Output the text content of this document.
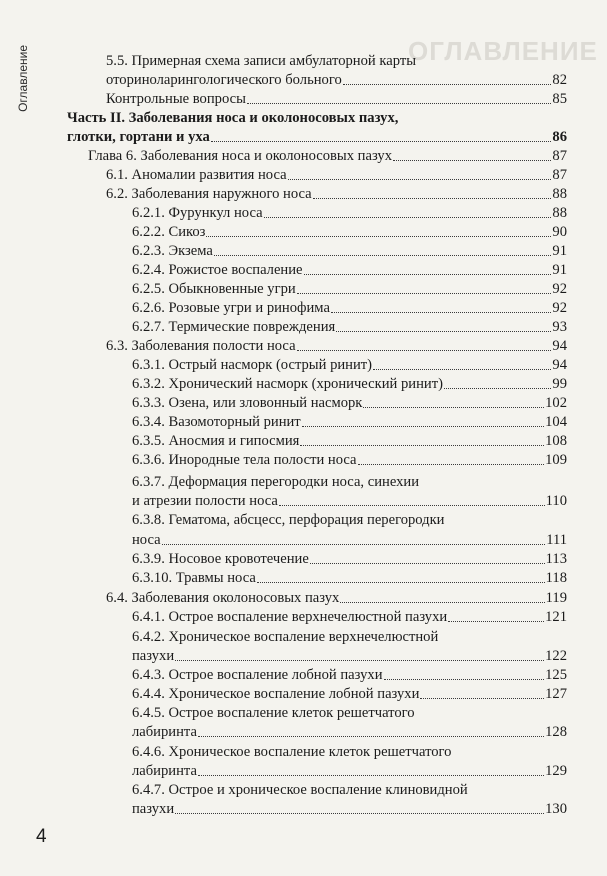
ОГЛАВЛЕНИЕ
Оглавление	5.5. Примерная схема записи амбулаторной карты
оториноларингологического больного	82
Контрольные вопросы	85
Часть II. Заболевания носа и околоносовых пазух,
глотки, гортани и уха	86
Глава 6. Заболевания носа и околоносовых пазух	87
6.1. Аномалии развития носа	87
6.2. Заболевания наружного носа	88
6.2.1. Фурункул носа	88
6.2.2. Сикоз	90
6.2.3. Экзема	91
6.2.4. Рожистое воспаление	91
6.2.5. Обыкновенные угри	92
6.2.6. Розовые угри и ринофима	92
6.2.7. Термические повреждения	93
6.3. Заболевания полости носа	94
6.3.1. Острый насморк (острый ринит)	94
6.3.2. Хронический насморк (хронический ринит)	99
6.3.3. Озена, или зловонный насморк	102
6.3.4. Вазомоторный ринит	104
6.3.5. Аносмия и гипосмия	108
6.3.6. Инородные тела полости носа	109
6.3.7. Деформация перегородки носа, синехии
и атрезии полости носа	110
6.3.8. Гематома, абсцесс, перфорация перегородки
носа	111
6.3.9. Носовое кровотечение	113
6.3.10. Травмы носа	118
6.4. Заболевания околоносовых пазух	119
6.4.1. Острое воспаление верхнечелюстной пазухи	121
6.4.2. Хроническое воспаление верхнечелюстной
пазухи	122
6.4.3. Острое воспаление лобной пазухи	125
6.4.4. Хроническое воспаление лобной пазухи	127
6.4.5. Острое воспаление клеток решетчатого
лабиринта	128
6.4.6. Хроническое воспаление клеток решетчатого
лабиринта	129
6.4.7. Острое и хроническое воспаление клиновидной
пазухи	130
4
